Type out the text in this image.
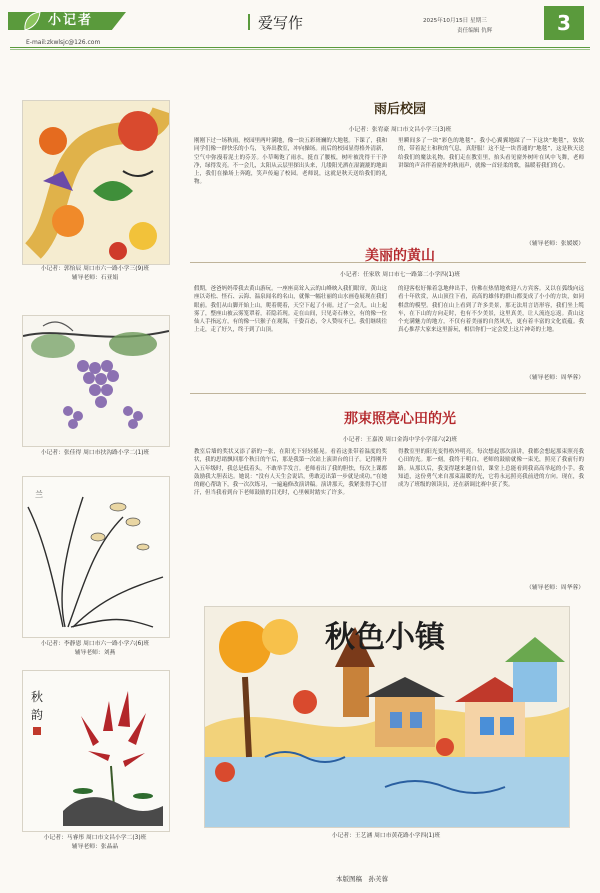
小记者
E-mail:zkwlsjc@126.com
爱写作	2025年10月15日 星期三
责任编辑 仇辉	3
小记者：郭怡辰 周口市六一路小学三(9)班
辅导老师：石亚娟
小记者：张佳得 周口市扶沟路小学二(1)班
兰
小记者：李静恩 周口市六一路小学六(6)班
辅导老师：刘燕
秋
韵
小记者：马睿彤 周口市文昌小学二(3)班
辅导老师：张晶晶
雨后校园
小记者：张宥豪 周口市文昌小学三(3)班
刚刚下过一场秋雨，校园里两叶满地，像一块五彩斑斓的大地毯。下课了，我和同学们像一群快乐的小鸟，飞奔出教室，冲向操场。雨后的校园显得格外清新，空气中弥漫着泥土的芬芳。小草喝饱了雨水，挺直了腰板，树叶被洗得干干净净，绿得发亮。不一会儿，太阳从云层里探出头来，几缕阳光洒在湿漉漉的地面上，我们在操场上奔跑，笑声传遍了校园。老师说，这就是秋天送给我们的礼物。
里瞬间多了一块“彩色的地毯”。我小心翼翼地踩了一下这块“地毯”，软软的，带着泥土和秋的气息，真舒服！这不是一块普通的“地毯”，这是秋天送给我们的魔法礼物。我们走在教室里，抬头看见窗外树叶在风中飞舞，老师讲课的声音伴着窗外的秋雨声，就像一首轻柔的歌，温暖着我们的心。
（辅导老师：张媛媛）
美丽的黄山
小记者：任家欣 周口市七一路第二小学四(1)班
假期，爸爸妈妈带我去黄山游玩。一座座高耸入云的山峰映入我们眼帘，黄山这座以奇松、怪石、云海、温泉闻名的名山，就像一幅壮丽的山水画卷展现在我们眼前。我们从山脚开始上山，爬着爬着，天空下起了小雨。过了一会儿，山上起雾了，整座山被云雾笼罩着，若隐若现。走在山间，只见奇石林立，有的像一位仙人手指远方，有的像一只猴子在观海，千姿百态，令人赞叹不已。我们继续往上走，走了好久，终于到了山顶。
的迎客松好像着急地伸出手，仿佛在热情地欢迎八方宾客。又以在弧线向远看十年欣赏，从山顶往下看，高高的雄伟的群山都变成了小小的方块，如同棋盘的模型。我们在山上看到了许多美景，那无法用言语形容，我们坐上缆车，在下山的方向走时，也有不少美景，这里真美，让人流连忘返。黄山这个充满魅力的地方，不仅有着美丽的自然风光，更有着丰富的文化底蕴。我真心推荐大家来这里游玩，相信你们一定会爱上这片神奇的土地。
（辅导老师：周华蓉）
那束照亮心田的光
小记者：王嘉浚 周口金海中学小学部六(2)班
教室后墙的奖状又添了新的一张，在阳光下轻轻摇晃。看着这张带着温度的奖状，我的思绪飘回那个秋日的午后，那是我第一次站上演讲台的日子。记得刚升入五年级时，我总是低着头，不敢举手发言。老师看出了我的胆怯，每次上课都鼓励我大胆表达。她说：“没有人天生会说话，勇敢迈出第一步就是成功。”在她的耐心帮助下，我一次次练习，一遍遍修改演讲稿。演讲那天，我紧张得手心冒汗，但当我看到台下老师鼓励的目光时，心里顿时踏实了许多。
得教室里的阳光变得格外明亮。每次想起那次演讲，我都会想起那束照亮我心田的光。那一刻，我终于明白，老师的鼓励就像一束光，照亮了我前行的路。从那以后，我变得越来越自信，课堂上总能看到我高高举起的小手。我知道，这份勇气来自那束温暖的光，它将永远照亮我前进的方向。现在，我成为了班级的领读员，还在新调比赛中获了奖。
（辅导老师：周华蓉）
秋色小镇
小记者：王艺涵 周口市黄花路小学四(1)班
本版图稿　孙芙蓉
